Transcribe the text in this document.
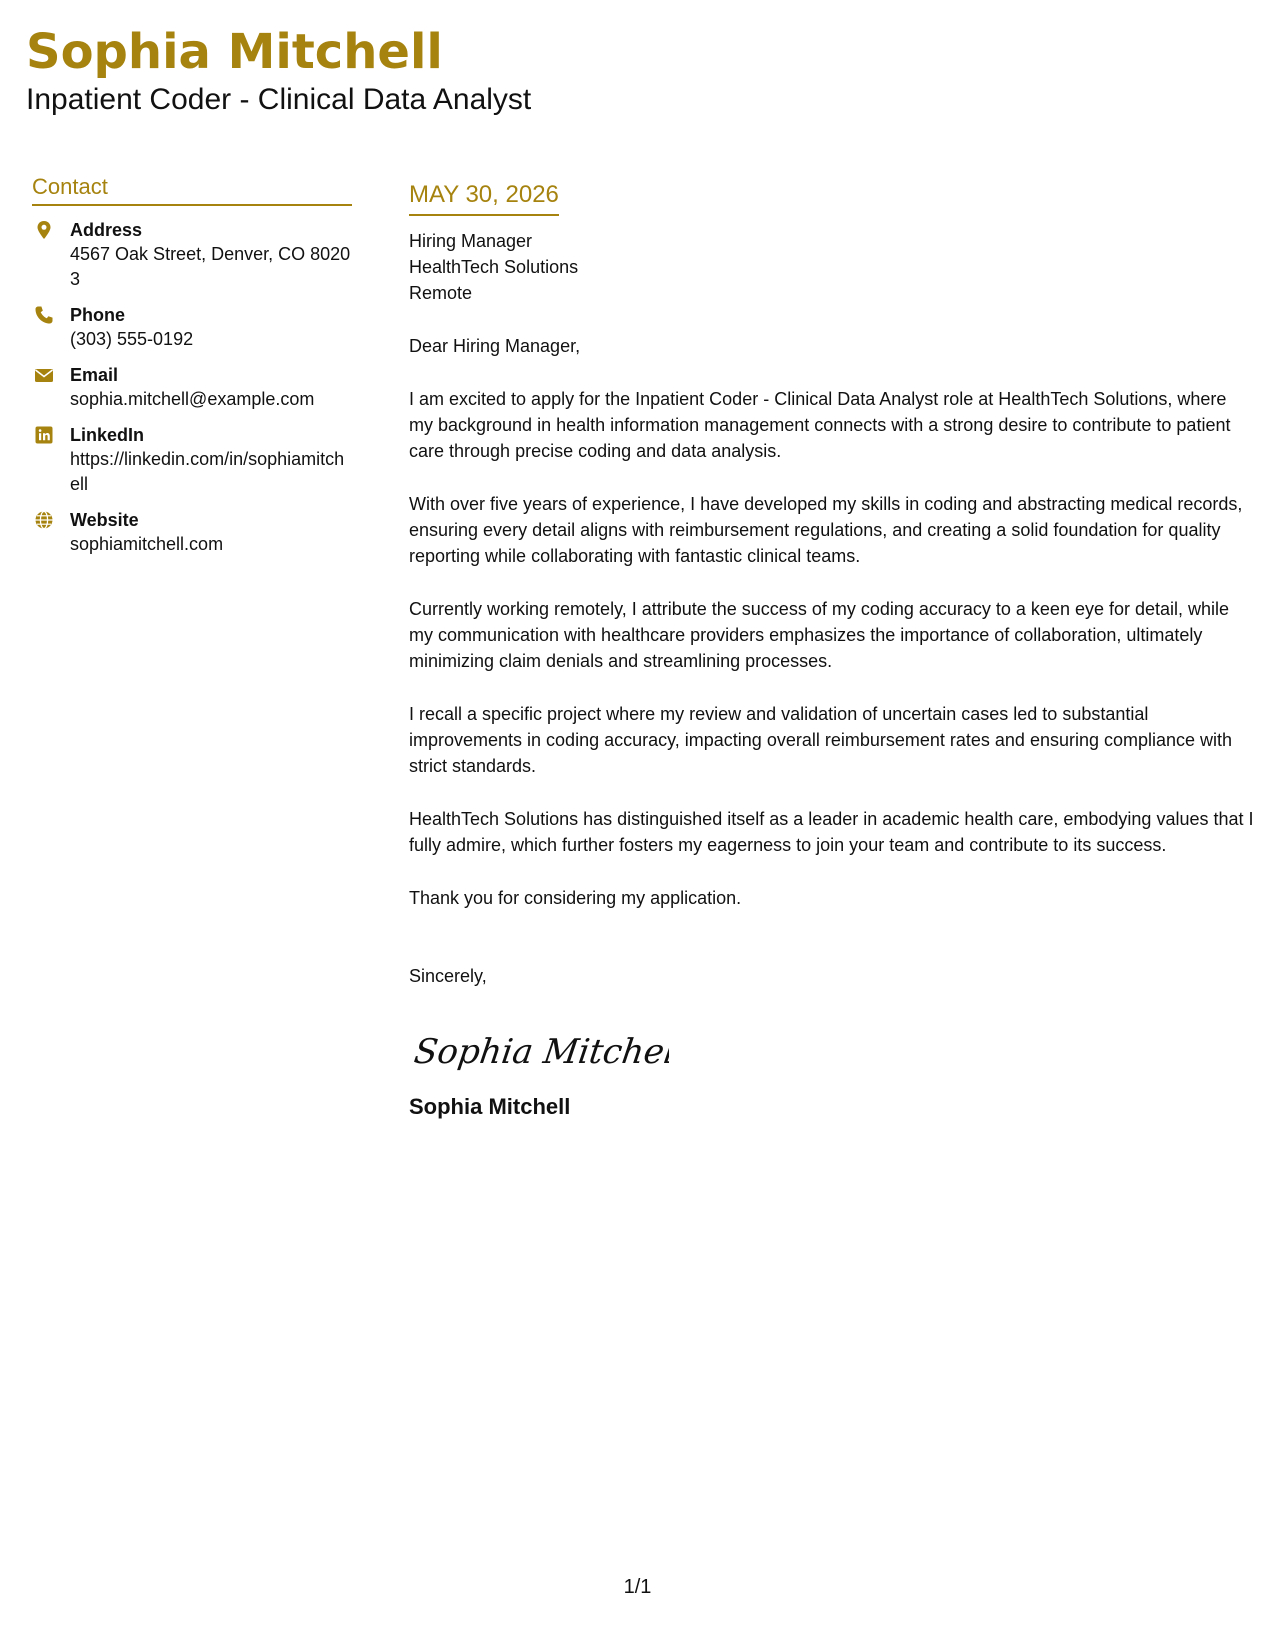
Sophia Mitchell
Inpatient Coder - Clinical Data Analyst
Contact
Address
4567 Oak Street, Denver, CO 80203
Phone
(303) 555-0192
Email
sophia.mitchell@example.com
LinkedIn
https://linkedin.com/in/sophiamitchell
Website
sophiamitchell.com
MAY 30, 2026
Hiring Manager
HealthTech Solutions
Remote

Dear Hiring Manager,

I am excited to apply for the Inpatient Coder - Clinical Data Analyst role at HealthTech Solutions, where my background in health information management connects with a strong desire to contribute to patient care through precise coding and data analysis.

With over five years of experience, I have developed my skills in coding and abstracting medical records, ensuring every detail aligns with reimbursement regulations, and creating a solid foundation for quality reporting while collaborating with fantastic clinical teams.

Currently working remotely, I attribute the success of my coding accuracy to a keen eye for detail, while my communication with healthcare providers emphasizes the importance of collaboration, ultimately minimizing claim denials and streamlining processes.

I recall a specific project where my review and validation of uncertain cases led to substantial improvements in coding accuracy, impacting overall reimbursement rates and ensuring compliance with strict standards.

HealthTech Solutions has distinguished itself as a leader in academic health care, embodying values that I fully admire, which further fosters my eagerness to join your team and contribute to its success.

Thank you for considering my application.

Sincerely,
Sophia Mitchell
Sophia Mitchell
1/1
